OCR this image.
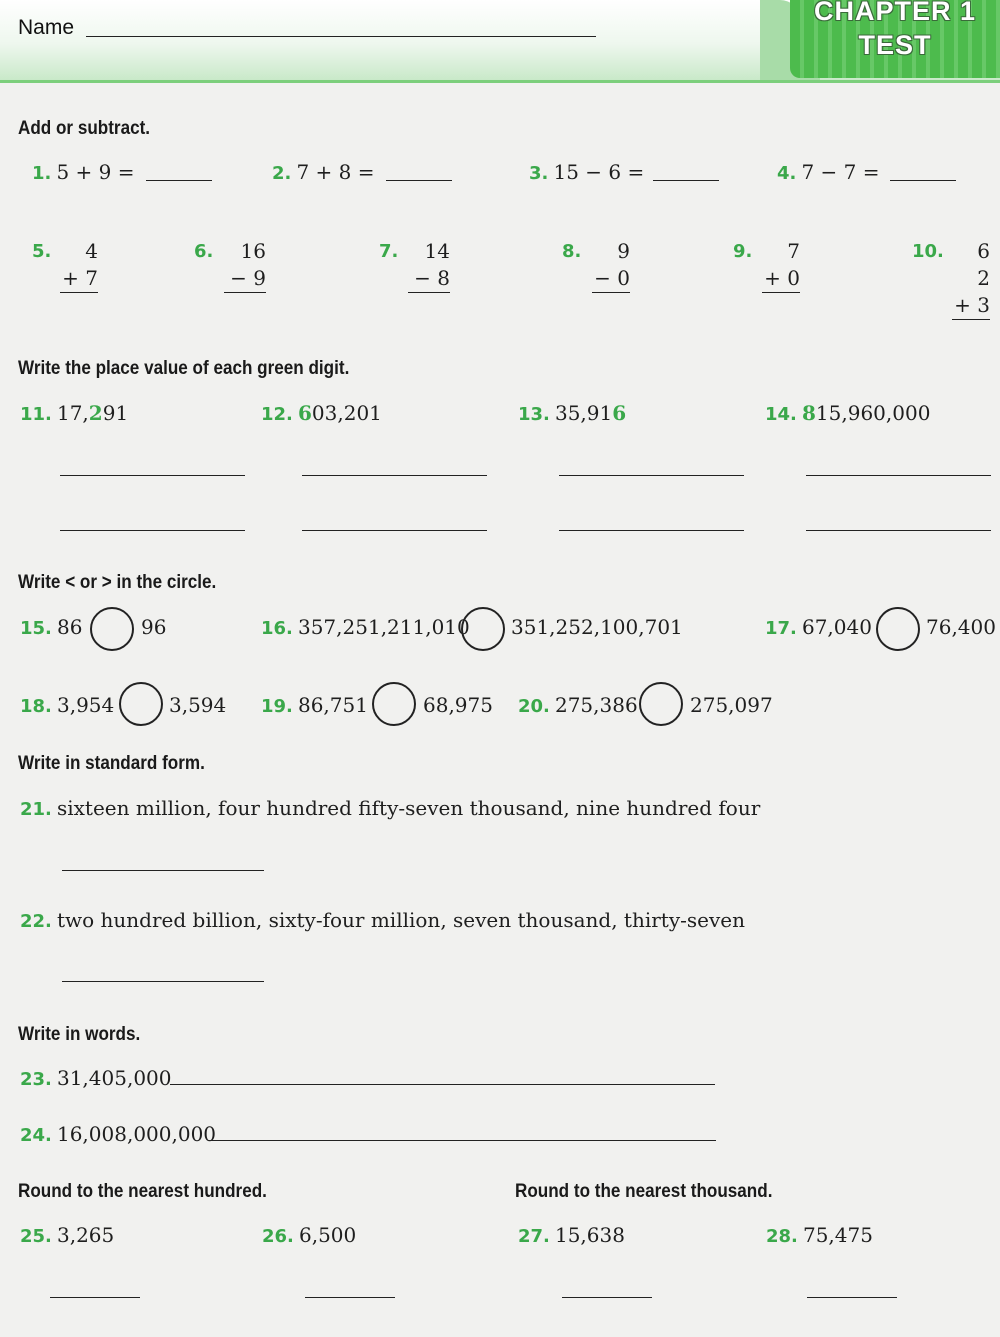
CHAPTER 1
TEST
Name
Add or subtract.
1. 5 + 9 =	2. 7 + 8 =	3. 15 − 6 =	4. 7 − 7 =
5.	4
+ 7
6.	16
− 9
7.	14
− 8
8.	9
− 0
9.	7
+ 0
10.	6
2
+ 3
Write the place value of each green digit.
11. 17,291	12. 603,201	13. 35,916	14. 815,960,000
Write < or > in the circle.
15. 86	96	16. 357,251,211,010 351,252,100,701	17. 67,040	76,400
18. 3,954	3,594 19. 86,751	68,975 20. 275,386	275,097
Write in standard form.
21. sixteen million, four hundred fifty-seven thousand, nine hundred four
22. two hundred billion, sixty-four million, seven thousand, thirty-seven
Write in words.
23. 31,405,000
24. 16,008,000,000
Round to the nearest hundred.	Round to the nearest thousand.
25. 3,265	26. 6,500	27. 15,638	28. 75,475
